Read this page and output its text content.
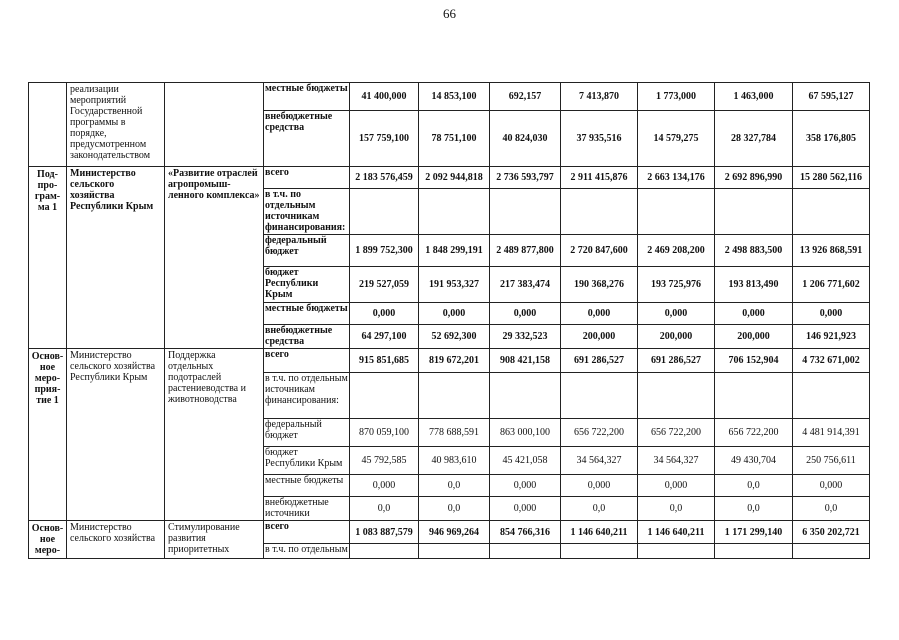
66
	реализации мероприятий Государственной программы в порядке, предусмотренном законодательством		местные бюджеты	41 400,000	14 853,100	692,157	7 413,870	1 773,000	1 463,000	67 595,127
			внебюджетные средства	157 759,100	78 751,100	40 824,030	37 935,516	14 579,275	28 327,784	358 176,805
Под-про-грам-ма 1	Министерство сельского хозяйства Республики Крым	«Развитие отраслей агропромыш-ленного комплекса»	всего	2 183 576,459	2 092 944,818	2 736 593,797	2 911 415,876	2 663 134,176	2 692 896,990	15 280 562,116
			в т.ч. по отдельным источникам финансирования:							
			федеральный бюджет	1 899 752,300	1 848 299,191	2 489 877,800	2 720 847,600	2 469 208,200	2 498 883,500	13 926 868,591
			бюджет Республики Крым	219 527,059	191 953,327	217 383,474	190 368,276	193 725,976	193 813,490	1 206 771,602
			местные бюджеты	0,000	0,000	0,000	0,000	0,000	0,000	0,000
			внебюджетные средства	64 297,100	52 692,300	29 332,523	200,000	200,000	200,000	146 921,923
Основ-ное меро-прия-тие 1	Министерство сельского хозяйства Республики Крым	Поддержка отдельных подотраслей растениеводства и животноводства	всего	915 851,685	819 672,201	908 421,158	691 286,527	691 286,527	706 152,904	4 732 671,002
			в т.ч. по отдельным источникам финансирования:							
			федеральный бюджет	870 059,100	778 688,591	863 000,100	656 722,200	656 722,200	656 722,200	4 481 914,391
			бюджет Республики Крым	45 792,585	40 983,610	45 421,058	34 564,327	34 564,327	49 430,704	250 756,611
			местные бюджеты	0,000	0,0	0,000	0,000	0,000	0,0	0,000
			внебюджетные источники	0,0	0,0	0,000	0,0	0,0	0,0	0,0
Основ-ное меро-	Министерство сельского хозяйства	Стимулирование развития приоритетных	всего	1 083 887,579	946 969,264	854 766,316	1 146 640,211	1 146 640,211	1 171 299,140	6 350 202,721
			в т.ч. по отдельным							
